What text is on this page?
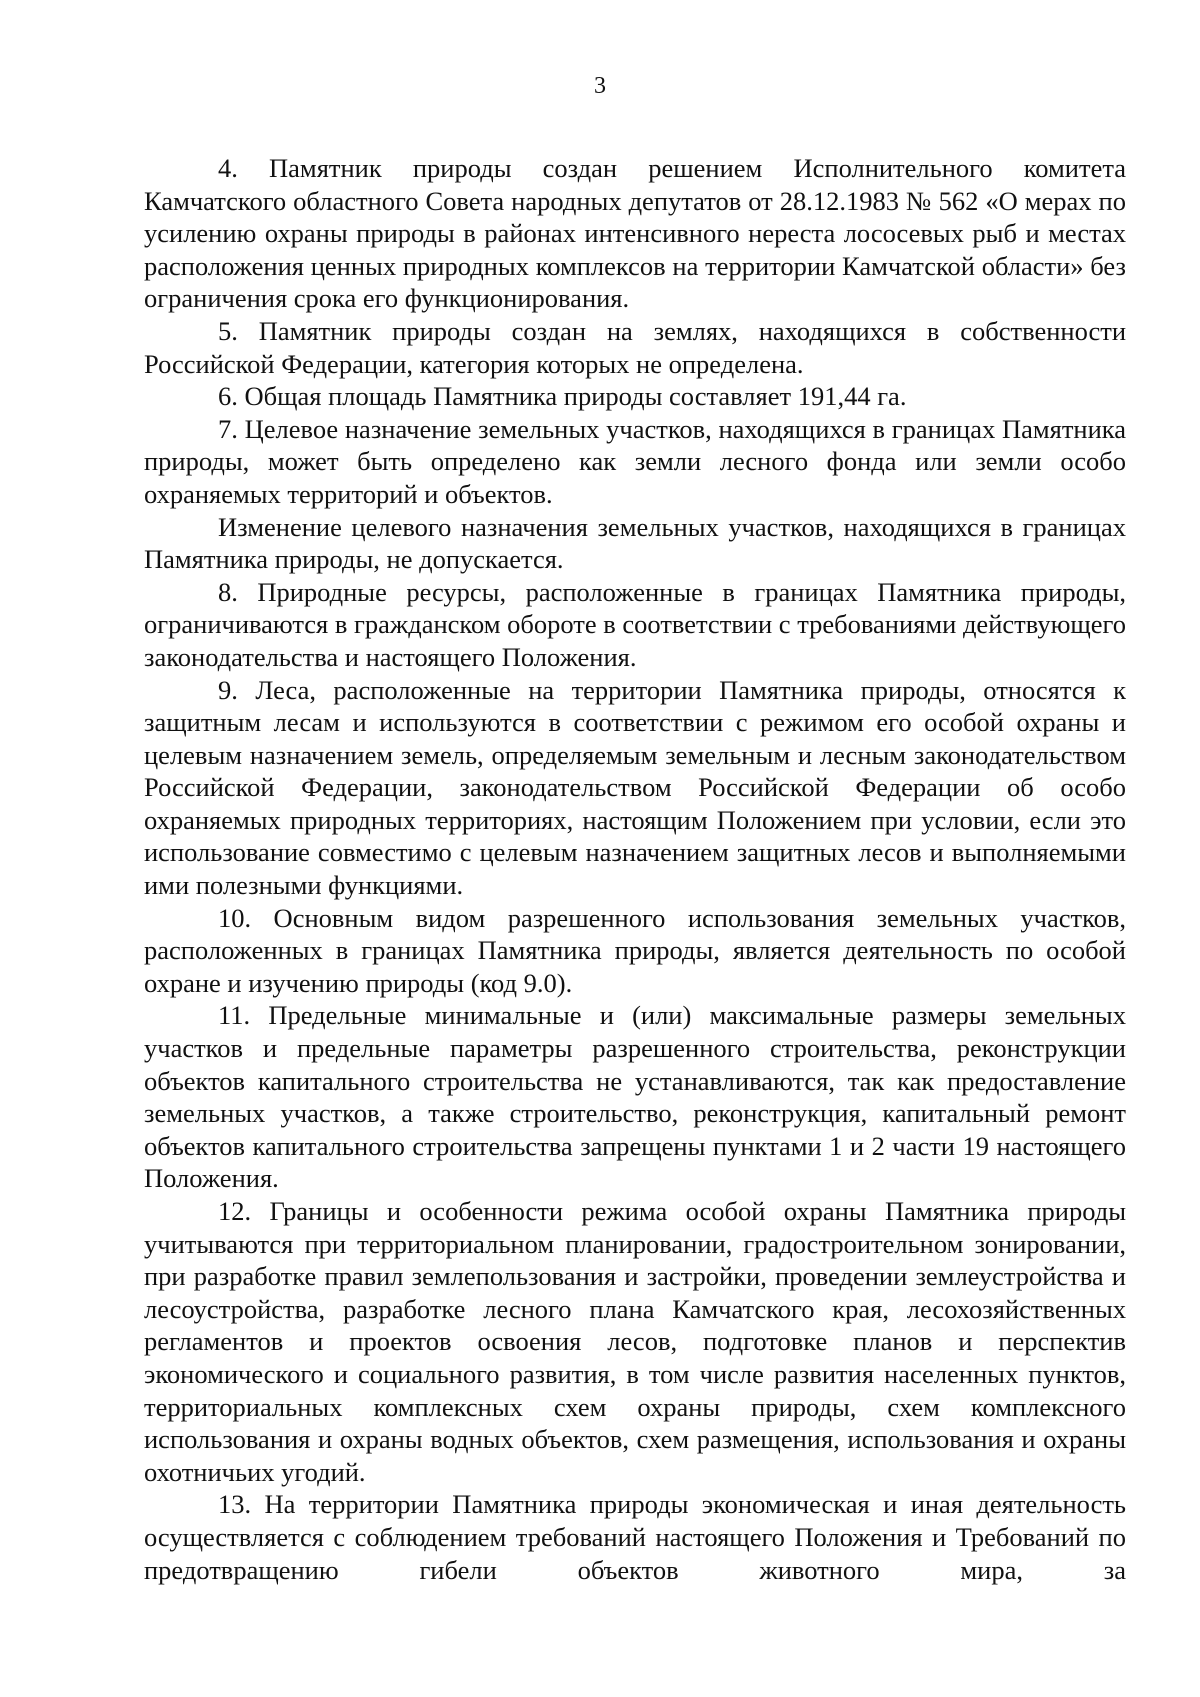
3

4. Памятник природы создан решением Исполнительного комитета Камчатского областного Совета народных депутатов от 28.12.1983 № 562 «О мерах по усилению охраны природы в районах интенсивного нереста лососевых рыб и местах расположения ценных природных комплексов на территории Камчатской области» без ограничения срока его функционирования.

5. Памятник природы создан на землях, находящихся в собственности Российской Федерации, категория которых не определена.

6. Общая площадь Памятника природы составляет 191,44 га.

7. Целевое назначение земельных участков, находящихся в границах Памятника природы, может быть определено как земли лесного фонда или земли особо охраняемых территорий и объектов.

Изменение целевого назначения земельных участков, находящихся в границах Памятника природы, не допускается.

8. Природные ресурсы, расположенные в границах Памятника природы, ограничиваются в гражданском обороте в соответствии с требованиями действующего законодательства и настоящего Положения.

9. Леса, расположенные на территории Памятника природы, относятся к защитным лесам и используются в соответствии с режимом его особой охраны и целевым назначением земель, определяемым земельным и лесным законодательством Российской Федерации, законодательством Российской Федерации об особо охраняемых природных территориях, настоящим Положением при условии, если это использование совместимо с целевым назначением защитных лесов и выполняемыми ими полезными функциями.

10. Основным видом разрешенного использования земельных участков, расположенных в границах Памятника природы, является деятельность по особой охране и изучению природы (код 9.0).

11. Предельные минимальные и (или) максимальные размеры земельных участков и предельные параметры разрешенного строительства, реконструкции объектов капитального строительства не устанавливаются, так как предоставление земельных участков, а также строительство, реконструкция, капитальный ремонт объектов капитального строительства запрещены пунктами 1 и 2 части 19 настоящего Положения.

12. Границы и особенности режима особой охраны Памятника природы учитываются при территориальном планировании, градостроительном зонировании, при разработке правил землепользования и застройки, проведении землеустройства и лесоустройства, разработке лесного плана Камчатского края, лесохозяйственных регламентов и проектов освоения лесов, подготовке планов и перспектив экономического и социального развития, в том числе развития населенных пунктов, территориальных комплексных схем охраны природы, схем комплексного использования и охраны водных объектов, схем размещения, использования и охраны охотничьих угодий.

13. На территории Памятника природы экономическая и иная деятельность осуществляется с соблюдением требований настоящего Положения и Требований по предотвращению гибели объектов животного мира, за
